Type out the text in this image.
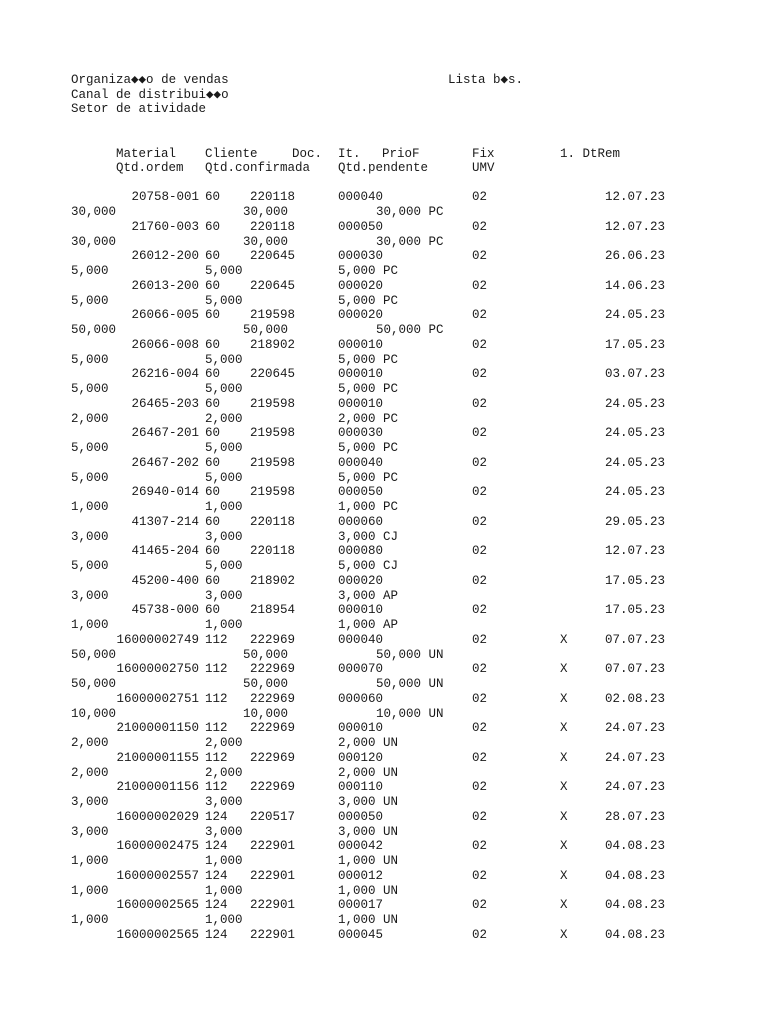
Organiza◆◆o de vendas	Lista b◆s.
Canal de distribui◆◆o
Setor de atividade
Material Cliente	Doc. It. PrioF	Fix	1. DtRem
Qtd.ordem Qtd.confirmada Qtd.pendente	UMV
20758-001 60 220118	000040	02	12.07.23
30,000	30,000	30,000 PC
21760-003 60 220118	000050	02	12.07.23
30,000	30,000	30,000 PC
26012-200 60 220645	000030	02	26.06.23
5,000	5,000	5,000 PC
26013-200 60 220645	000020	02	14.06.23
5,000	5,000	5,000 PC
26066-005 60 219598	000020	02	24.05.23
50,000	50,000	50,000 PC
26066-008 60 218902	000010	02	17.05.23
5,000	5,000	5,000 PC
26216-004 60 220645	000010	02	03.07.23
5,000	5,000	5,000 PC
26465-203 60 219598	000010	02	24.05.23
2,000	2,000	2,000 PC
26467-201 60 219598	000030	02	24.05.23
5,000	5,000	5,000 PC
26467-202 60 219598	000040	02	24.05.23
5,000	5,000	5,000 PC
26940-014 60 219598	000050	02	24.05.23
1,000	1,000	1,000 PC
41307-214 60 220118	000060	02	29.05.23
3,000	3,000	3,000 CJ
41465-204 60 220118	000080	02	12.07.23
5,000	5,000	5,000 CJ
45200-400 60 218902	000020	02	17.05.23
3,000	3,000	3,000 AP
45738-000 60 218954	000010	02	17.05.23
1,000	1,000	1,000 AP
16000002749 112 222969	000040	02	X	07.07.23
50,000	50,000	50,000 UN
16000002750 112 222969	000070	02	X	07.07.23
50,000	50,000	50,000 UN
16000002751 112 222969	000060	02	X	02.08.23
10,000	10,000	10,000 UN
21000001150 112 222969	000010	02	X	24.07.23
2,000	2,000	2,000 UN
21000001155 112 222969	000120	02	X	24.07.23
2,000	2,000	2,000 UN
21000001156 112 222969	000110	02	X	24.07.23
3,000	3,000	3,000 UN
16000002029 124 220517	000050	02	X	28.07.23
3,000	3,000	3,000 UN
16000002475 124 222901	000042	02	X	04.08.23
1,000	1,000	1,000 UN
16000002557 124 222901	000012	02	X	04.08.23
1,000	1,000	1,000 UN
16000002565 124 222901	000017	02	X	04.08.23
1,000	1,000	1,000 UN
16000002565 124 222901	000045	02	X	04.08.23
